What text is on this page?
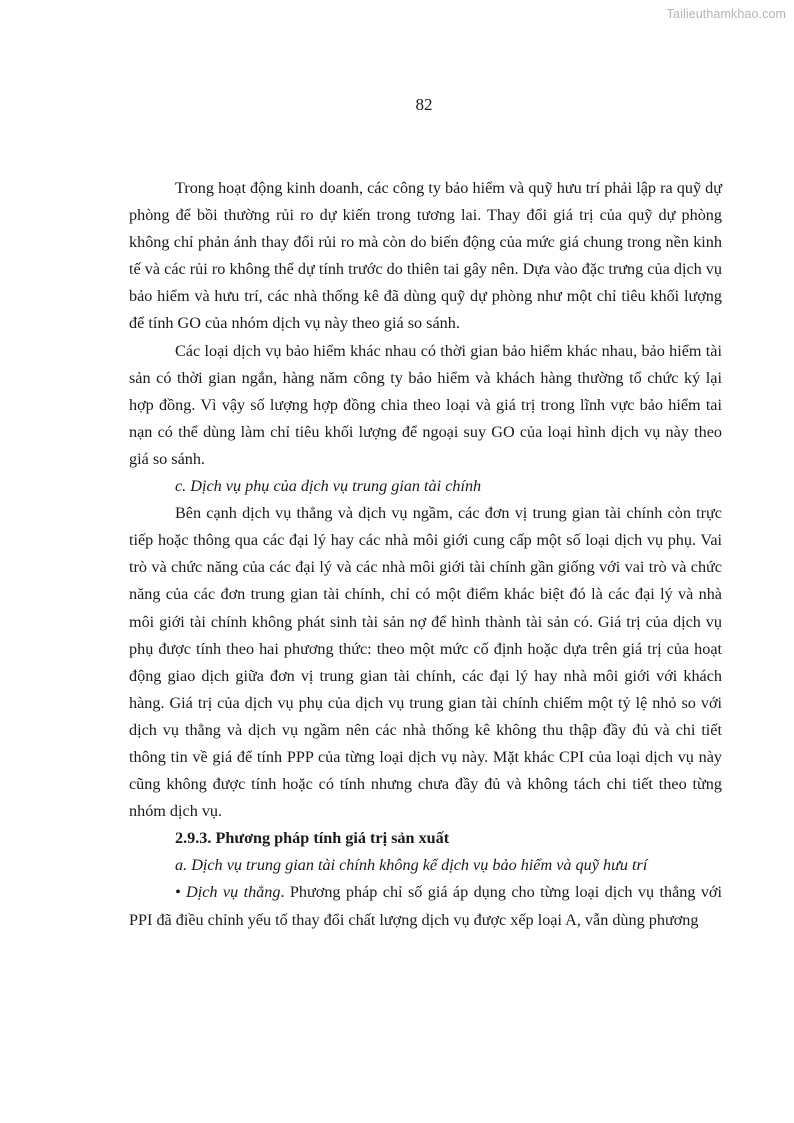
Tailieuthamkhao.com
82

Trong hoạt động kinh doanh, các công ty bảo hiểm và quỹ hưu trí phải lập ra quỹ dự phòng để bồi thường rủi ro dự kiến trong tương lai. Thay đổi giá trị của quỹ dự phòng không chỉ phản ánh thay đổi rủi ro mà còn do biến động của mức giá chung trong nền kinh tế và các rủi ro không thể dự tính trước do thiên tai gây nên. Dựa vào đặc trưng của dịch vụ bảo hiểm và hưu trí, các nhà thống kê đã dùng quỹ dự phòng như một chỉ tiêu khối lượng để tính GO của nhóm dịch vụ này theo giá so sánh.

Các loại dịch vụ bảo hiểm khác nhau có thời gian bảo hiểm khác nhau, bảo hiểm tài sản có thời gian ngắn, hàng năm công ty bảo hiểm và khách hàng thường tổ chức ký lại hợp đồng. Vì vậy số lượng hợp đồng chia theo loại và giá trị trong lĩnh vực bảo hiểm tai nạn có thể dùng làm chỉ tiêu khối lượng để ngoại suy GO của loại hình dịch vụ này theo giá so sánh.

c. Dịch vụ phụ của dịch vụ trung gian tài chính

Bên cạnh dịch vụ thẳng và dịch vụ ngầm, các đơn vị trung gian tài chính còn trực tiếp hoặc thông qua các đại lý hay các nhà môi giới cung cấp một số loại dịch vụ phụ. Vai trò và chức năng của các đại lý và các nhà môi giới tài chính gần giống với vai trò và chức năng của các đơn trung gian tài chính, chỉ có một điểm khác biệt đó là các đại lý và nhà môi giới tài chính không phát sinh tài sản nợ để hình thành tài sản có. Giá trị của dịch vụ phụ được tính theo hai phương thức: theo một mức cố định hoặc dựa trên giá trị của hoạt động giao dịch giữa đơn vị trung gian tài chính, các đại lý hay nhà môi giới với khách hàng. Giá trị của dịch vụ phụ của dịch vụ trung gian tài chính chiếm một tỷ lệ nhỏ so với dịch vụ thẳng và dịch vụ ngầm nên các nhà thống kê không thu thập đầy đủ và chi tiết thông tin về giá để tính PPP của từng loại dịch vụ này. Mặt khác CPI của loại dịch vụ này cũng không được tính hoặc có tính nhưng chưa đầy đủ và không tách chi tiết theo từng nhóm dịch vụ.

2.9.3. Phương pháp tính giá trị sản xuất

a. Dịch vụ trung gian tài chính không kể dịch vụ bảo hiểm và quỹ hưu trí

• Dịch vụ thẳng. Phương pháp chỉ số giá áp dụng cho từng loại dịch vụ thẳng với PPI đã điều chỉnh yếu tố thay đổi chất lượng dịch vụ được xếp loại A, vẫn dùng phương
